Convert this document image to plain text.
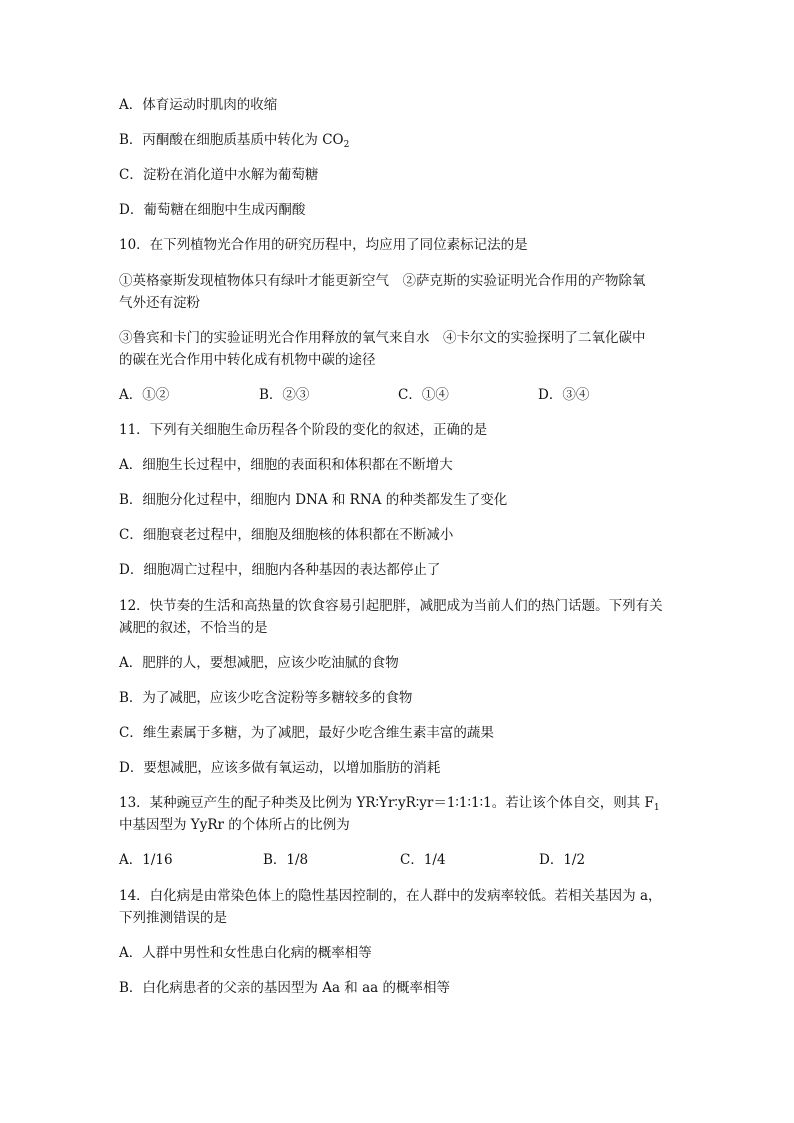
A．体育运动时肌肉的收缩
B．丙酮酸在细胞质基质中转化为 $CO_2$
C．淀粉在消化道中水解为葡萄糖
D．葡萄糖在细胞中生成丙酮酸
10．在下列植物光合作用的研究历程中，均应用了同位素标记法的是
①英格豪斯发现植物体只有绿叶才能更新空气　②萨克斯的实验证明光合作用的产物除氧
气外还有淀粉
③鲁宾和卡门的实验证明光合作用释放的氧气来自水　④卡尔文的实验探明了二氧化碳中
的碳在光合作用中转化成有机物中碳的途径
A．①②	B．②③	C．①④	D．③④
11．下列有关细胞生命历程各个阶段的变化的叙述，正确的是
A．细胞生长过程中，细胞的表面积和体积都在不断增大
B．细胞分化过程中，细胞内 DNA 和 RNA 的种类都发生了变化
C．细胞衰老过程中，细胞及细胞核的体积都在不断减小
D．细胞凋亡过程中，细胞内各种基因的表达都停止了
12．快节奏的生活和高热量的饮食容易引起肥胖，减肥成为当前人们的热门话题。下列有关
减肥的叙述，不恰当的是
A．肥胖的人，要想减肥，应该少吃油腻的食物
B．为了减肥，应该少吃含淀粉等多糖较多的食物
C．维生素属于多糖，为了减肥，最好少吃含维生素丰富的蔬果
D．要想减肥，应该多做有氧运动，以增加脂肪的消耗
13．某种豌豆产生的配子种类及比例为 YR∶Yr∶yR∶yr＝1∶1∶1∶1。若让该个体自交，则其 $F_1$
中基因型为 YyRr 的个体所占的比例为
A．1/16	B．1/8	C．1/4	D．1/2
14．白化病是由常染色体上的隐性基因控制的，在人群中的发病率较低。若相关基因为 a，
下列推测错误的是
A．人群中男性和女性患白化病的概率相等
B．白化病患者的父亲的基因型为 Aa 和 aa 的概率相等
